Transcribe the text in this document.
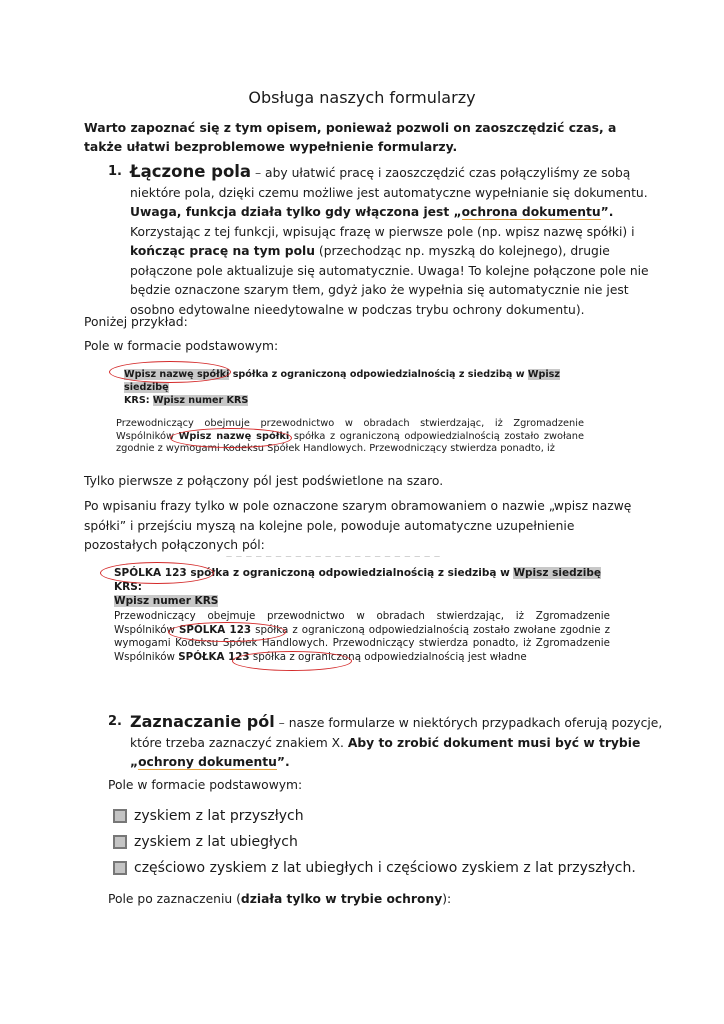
Obsługa naszych formularzy
Warto zapoznać się z tym opisem, ponieważ pozwoli on zaoszczędzić czas, a także ułatwi bezproblemowe wypełnienie formularzy.
1. Łączone pola – aby ułatwić pracę i zaoszczędzić czas połączyliśmy ze sobą niektóre pola, dzięki czemu możliwe jest automatyczne wypełnianie się dokumentu. Uwaga, funkcja działa tylko gdy włączona jest „ochrona dokumentu”. Korzystając z tej funkcji, wpisując frazę w pierwsze pole (np. wpisz nazwę spółki) i kończąc pracę na tym polu (przechodząc np. myszką do kolejnego), drugie połączone pole aktualizuje się automatycznie. Uwaga! To kolejne połączone pole nie będzie oznaczone szarym tłem, gdyż jako że wypełnia się automatycznie nie jest osobno edytowalne nieedytowalne w podczas trybu ochrony dokumentu).
Poniżej przykład:
Pole w formacie podstawowym:
Wpisz nazwę spółki spółka z ograniczoną odpowiedzialnością z siedzibą w Wpisz siedzibę
KRS: Wpisz numer KRS
Przewodniczący obejmuje przewodnictwo w obradach stwierdzając, iż Zgromadzenie Wspólników Wpisz nazwę spółki spółka z ograniczoną odpowiedzialnością zostało zwołane zgodnie z wymogami Kodeksu Spółek Handlowych. Przewodniczący stwierdza ponadto, iż
Tylko pierwsze z połączony pól jest podświetlone na szaro.
Po wpisaniu frazy tylko w pole oznaczone szarym obramowaniem o nazwie „wpisz nazwę spółki” i przejściu myszą na kolejne pole, powoduje automatyczne uzupełnienie pozostałych połączonych pól:
— — — — — — — — — — — — — — — — — — — — — —
SPÓLKA 123 spółka z ograniczoną odpowiedzialnością z siedzibą w Wpisz siedzibę KRS:
Wpisz numer KRS
Przewodniczący obejmuje przewodnictwo w obradach stwierdzając, iż Zgromadzenie Wspólników SPÓLKA 123 spółka z ograniczoną odpowiedzialnością zostało zwołane zgodnie z wymogami Kodeksu Spółek Handlowych. Przewodniczący stwierdza ponadto, iż Zgromadzenie Wspólników SPÓŁKA 123 spółka z ograniczoną odpowiedzialnością jest władne
2. Zaznaczanie pól – nasze formularze w niektórych przypadkach oferują pozycje, które trzeba zaznaczyć znakiem X. Aby to zrobić dokument musi być w trybie „ochrony dokumentu”.
Pole w formacie podstawowym:
zyskiem z lat przyszłych
zyskiem z lat ubiegłych
częściowo zyskiem z lat ubiegłych i częściowo zyskiem z lat przyszłych.
Pole po zaznaczeniu (działa tylko w trybie ochrony):
